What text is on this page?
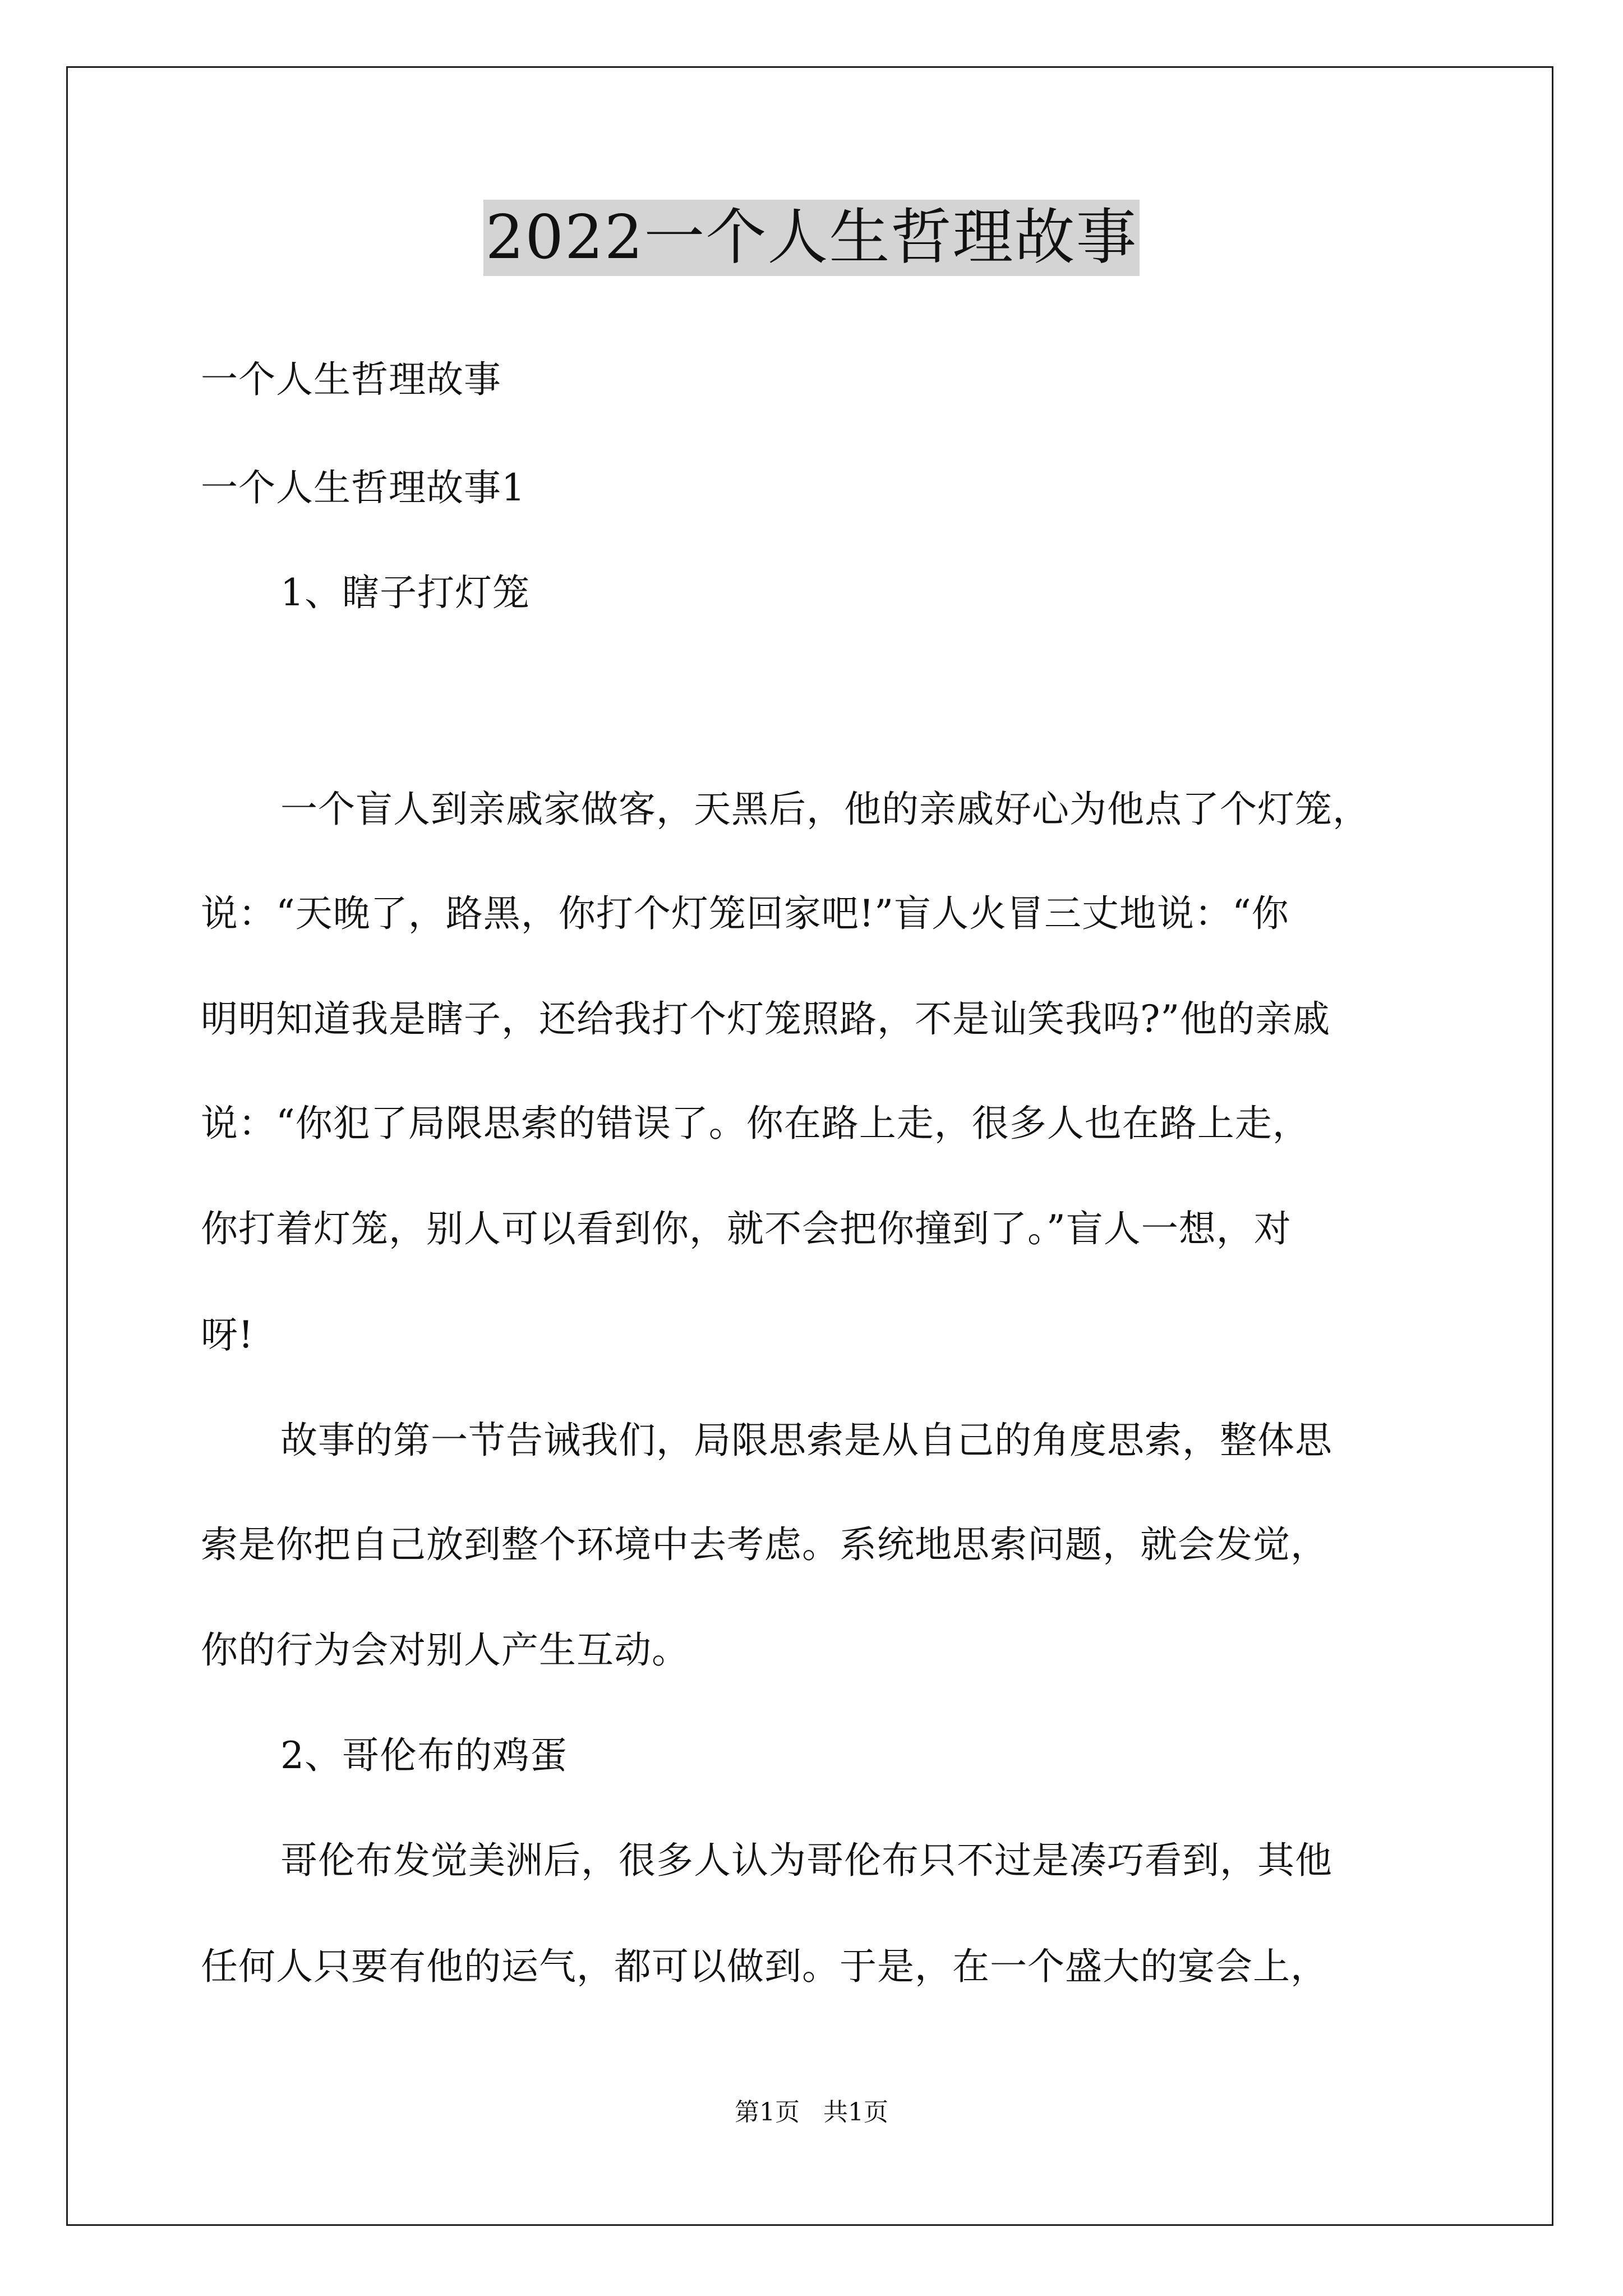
2022一个人生哲理故事
一个人生哲理故事
一个人生哲理故事1
1、瞎子打灯笼
一个盲人到亲戚家做客，天黑后，他的亲戚好心为他点了个灯笼，
说：“天晚了，路黑，你打个灯笼回家吧!”盲人火冒三丈地说：“你
明明知道我是瞎子，还给我打个灯笼照路，不是讪笑我吗?”他的亲戚
说：“你犯了局限思索的错误了。你在路上走，很多人也在路上走，
你打着灯笼，别人可以看到你，就不会把你撞到了。”盲人一想，对
呀!
故事的第一节告诫我们，局限思索是从自己的角度思索，整体思
索是你把自己放到整个环境中去考虑。系统地思索问题，就会发觉，
你的行为会对别人产生互动。
2、哥伦布的鸡蛋
哥伦布发觉美洲后，很多人认为哥伦布只不过是凑巧看到，其他
任何人只要有他的运气，都可以做到。于是，在一个盛大的宴会上，
第1页 共1页
